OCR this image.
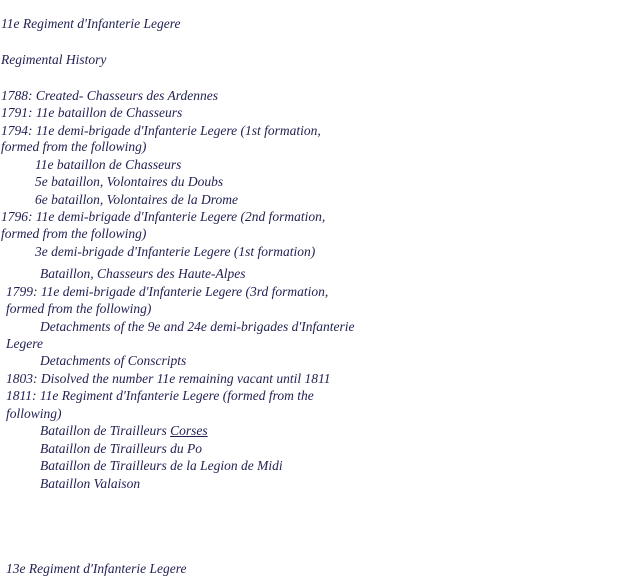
11e Regiment d'Infanterie Legere
Regimental History
1788: Created- Chasseurs des Ardennes
1791: 11e bataillon de Chasseurs
1794: 11e demi-brigade d'Infanterie Legere (1st formation,
formed from the following)
11e bataillon de Chasseurs
5e bataillon, Volontaires du Doubs
6e bataillon, Volontaires de la Drome
1796: 11e demi-brigade d'Infanterie Legere (2nd formation,
formed from the following)
3e demi-brigade d'Infanterie Legere (1st formation)
Bataillon, Chasseurs des Haute-Alpes
1799: 11e demi-brigade d'Infanterie Legere (3rd formation,
formed from the following)
Detachments of the 9e and 24e demi-brigades d'Infanterie
Legere
Detachments of Conscripts
1803: Disolved the number 11e remaining vacant until 1811
1811: 11e Regiment d'Infanterie Legere (formed from the
following)
Bataillon de Tirailleurs Corses
Bataillon de Tirailleurs du Po
Bataillon de Tirailleurs de la Legion de Midi
Bataillon Valaison
13e Regiment d'Infanterie Legere
